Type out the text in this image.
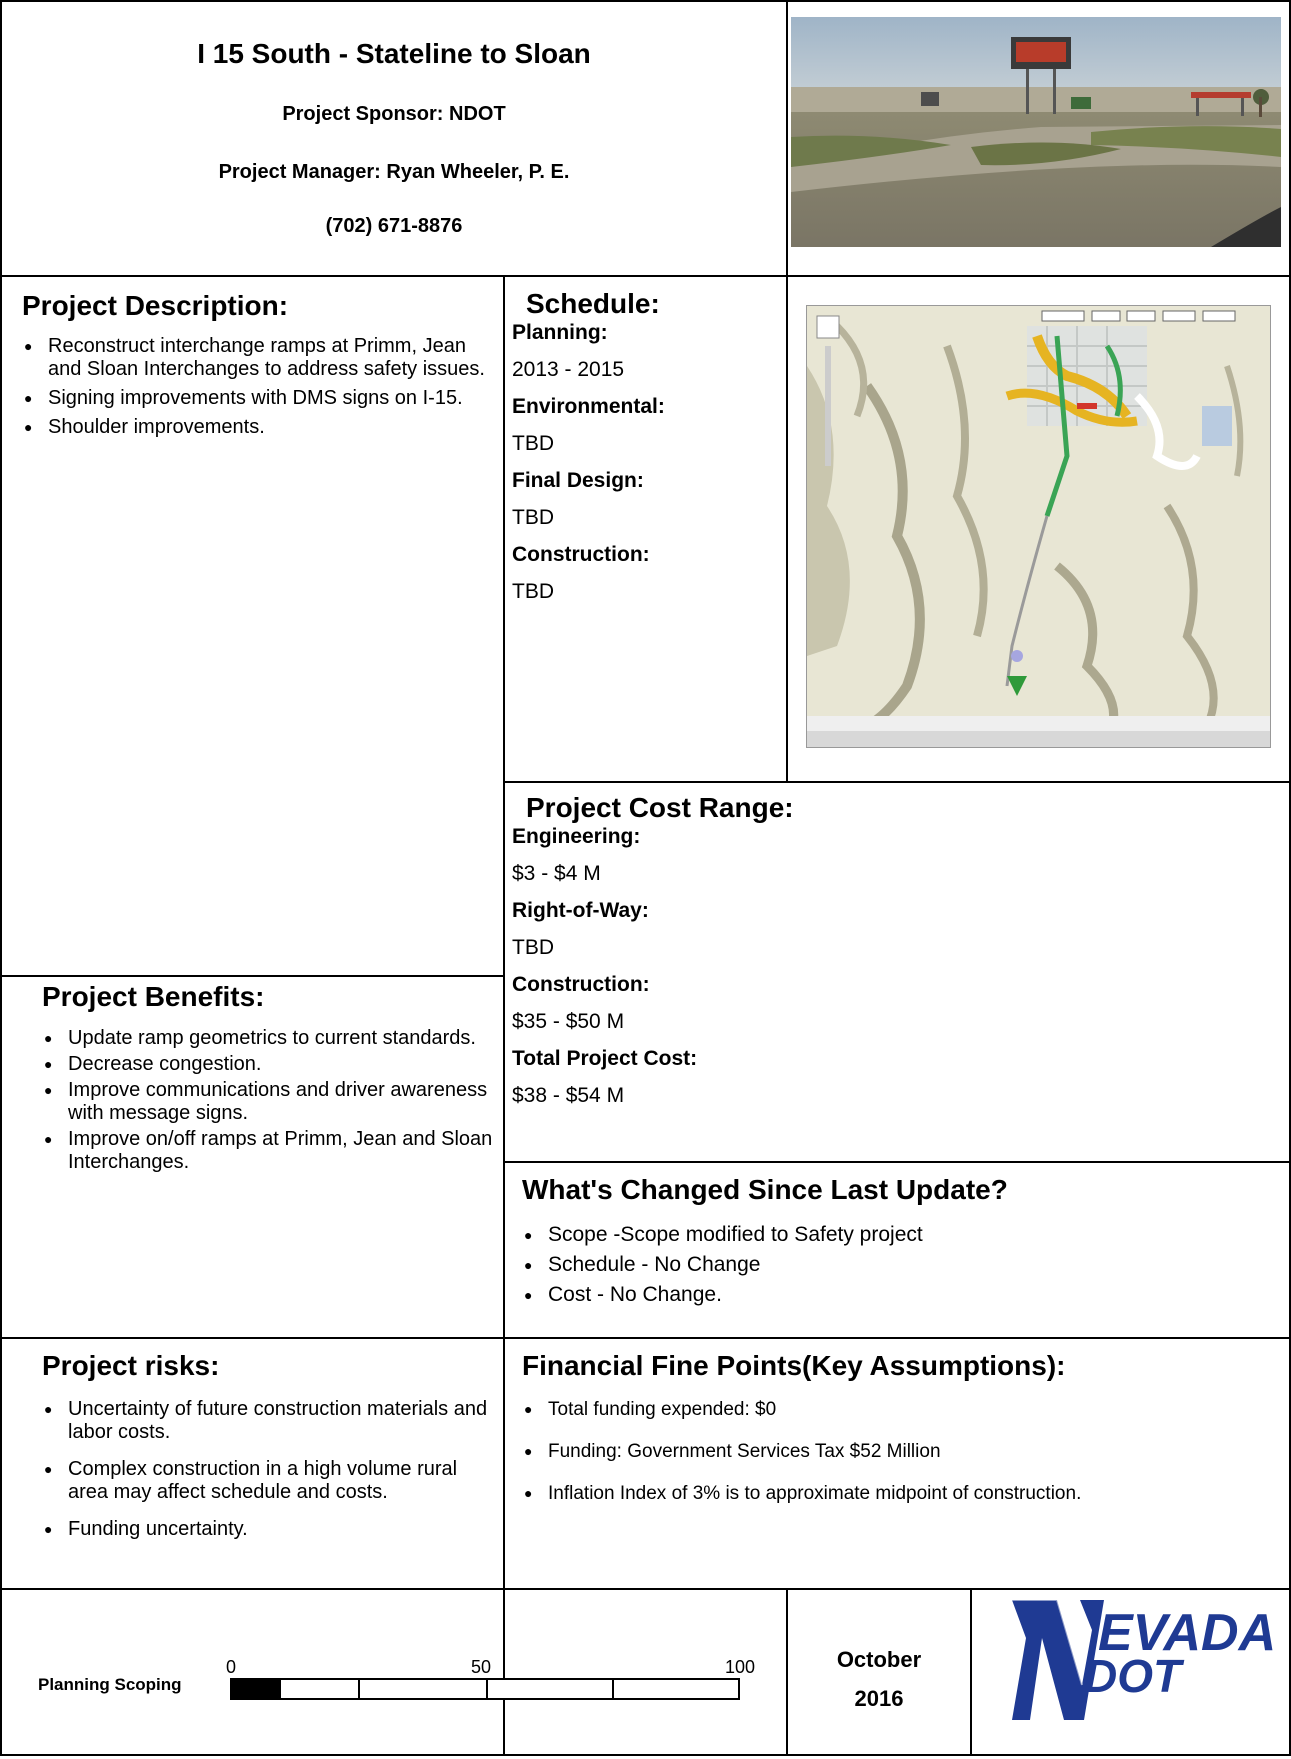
I 15 South - Stateline to Sloan
Project Sponsor: NDOT
Project Manager: Ryan Wheeler, P. E.
(702) 671-8876
Project Description:
● Reconstruct interchange ramps at Primm, Jean and Sloan Interchanges to address safety issues.
● Signing improvements with DMS signs on I-15.
● Shoulder improvements.
Schedule:
Planning:
2013 - 2015
Environmental:
TBD
Final Design:
TBD
Construction:
TBD
Project Cost Range:
Engineering:
$3 - $4 M
Right-of-Way:
TBD
Construction:
$35 - $50 M
Total Project Cost:
$38 - $54 M
Project Benefits:
● Update ramp geometrics to current standards.
● Decrease congestion.
● Improve communications and driver awareness with message signs.
● Improve on/off ramps at Primm, Jean and Sloan Interchanges.
What's Changed Since Last Update?
● Scope -Scope modified to Safety project
● Schedule - No Change
● Cost - No Change.
Project risks:
● Uncertainty of future construction materials and labor costs.
● Complex construction in a high volume rural area may affect schedule and costs.
● Funding uncertainty.
Financial Fine Points(Key Assumptions):
● Total funding expended: $0
● Funding: Government Services Tax $52 Million
● Inflation Index of 3% is to approximate midpoint of construction.
Planning Scoping
0	50	100	October
2016
EVADA
DOT
